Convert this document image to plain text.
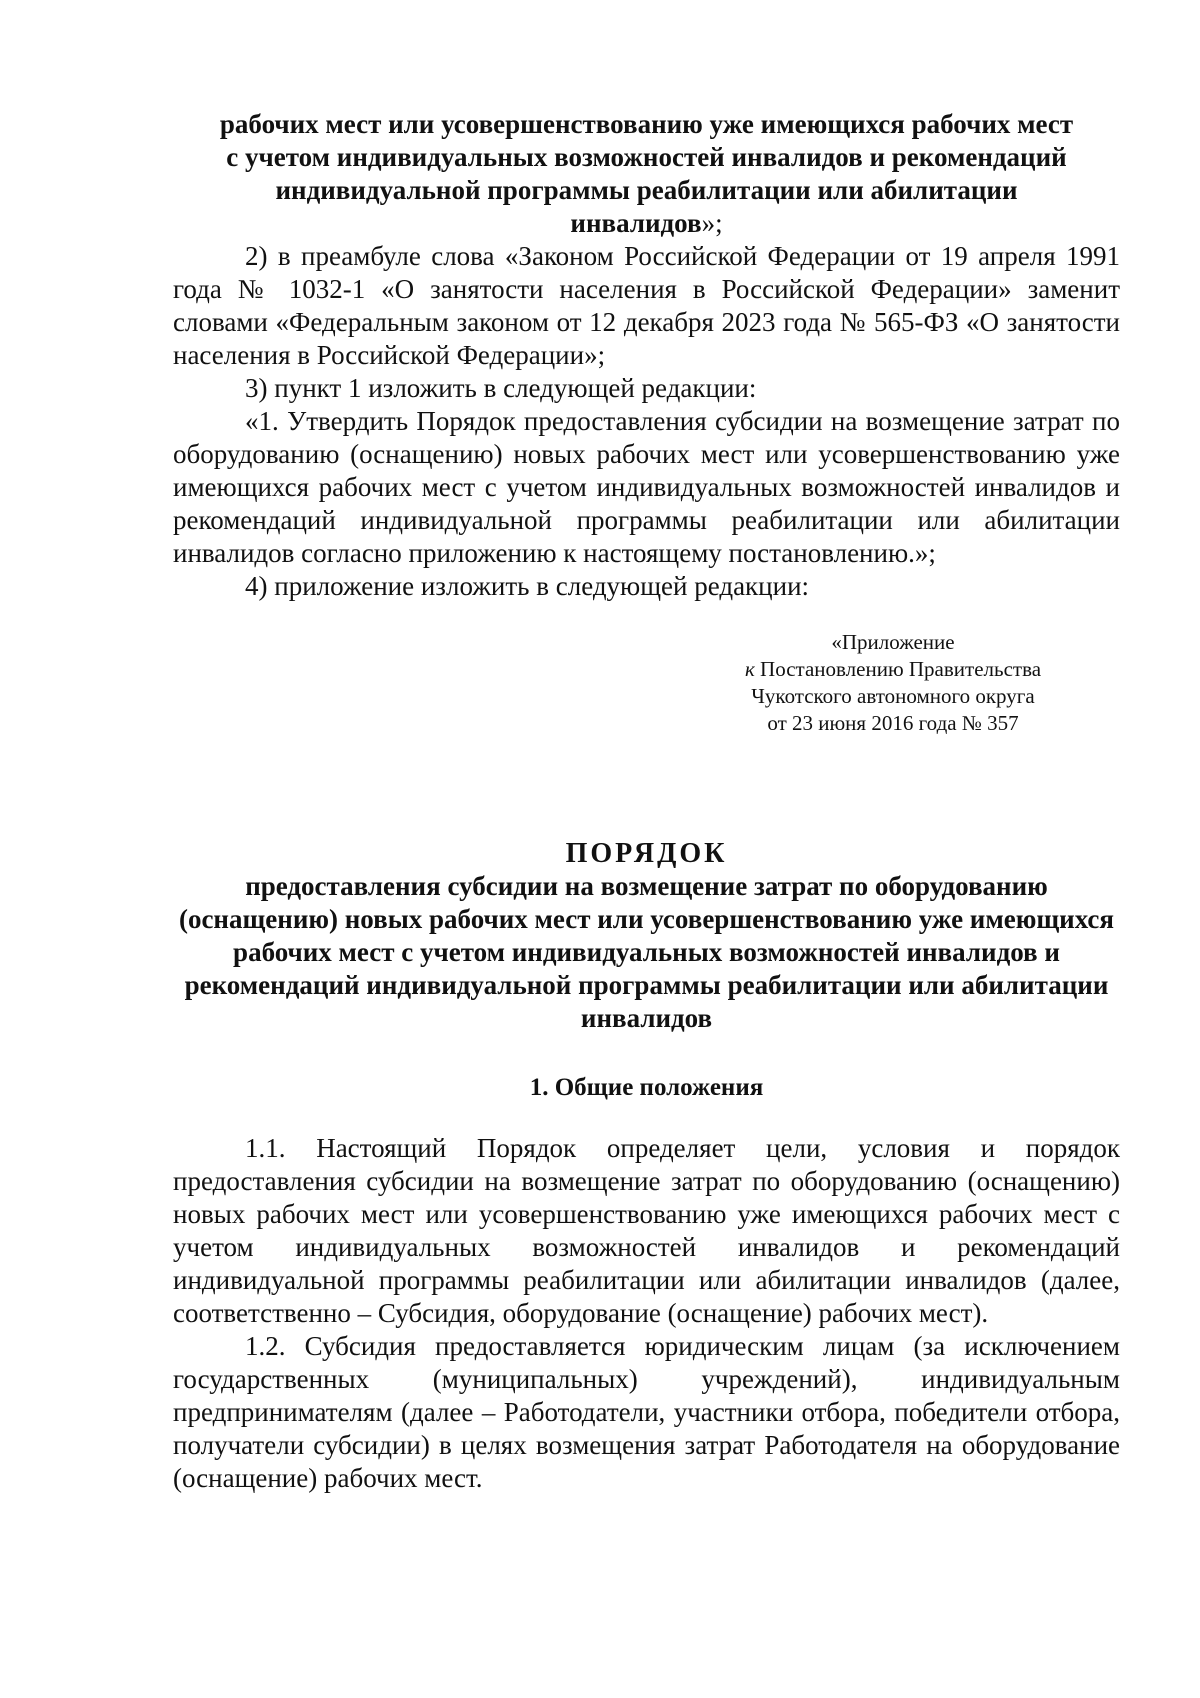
рабочих мест или усовершенствованию уже имеющихся рабочих мест с учетом индивидуальных возможностей инвалидов и рекомендаций индивидуальной программы реабилитации или абилитации инвалидов»;

2) в преамбуле слова «Законом Российской Федерации от 19 апреля 1991 года № 1032-1 «О занятости населения в Российской Федерации» заменит словами «Федеральным законом от 12 декабря 2023 года № 565-ФЗ «О занятости населения в Российской Федерации»;

3) пункт 1 изложить в следующей редакции:

«1. Утвердить Порядок предоставления субсидии на возмещение затрат по оборудованию (оснащению) новых рабочих мест или усовершенствованию уже имеющихся рабочих мест с учетом индивидуальных возможностей инвалидов и рекомендаций индивидуальной программы реабилитации или абилитации инвалидов согласно приложению к настоящему постановлению.»;

4) приложение изложить в следующей редакции:

«Приложение
к Постановлению Правительства
Чукотского автономного округа
от 23 июня 2016 года № 357
ПОРЯДОК
предоставления субсидии на возмещение затрат по оборудованию (оснащению) новых рабочих мест или усовершенствованию уже имеющихся рабочих мест с учетом индивидуальных возможностей инвалидов и рекомендаций индивидуальной программы реабилитации или абилитации инвалидов
1. Общие положения

1.1. Настоящий Порядок определяет цели, условия и порядок предоставления субсидии на возмещение затрат по оборудованию (оснащению) новых рабочих мест или усовершенствованию уже имеющихся рабочих мест с учетом индивидуальных возможностей инвалидов и рекомендаций индивидуальной программы реабилитации или абилитации инвалидов (далее, соответственно – Субсидия, оборудование (оснащение) рабочих мест).

1.2. Субсидия предоставляется юридическим лицам (за исключением государственных (муниципальных) учреждений), индивидуальным предпринимателям (далее – Работодатели, участники отбора, победители отбора, получатели субсидии) в целях возмещения затрат Работодателя на оборудование (оснащение) рабочих мест.
